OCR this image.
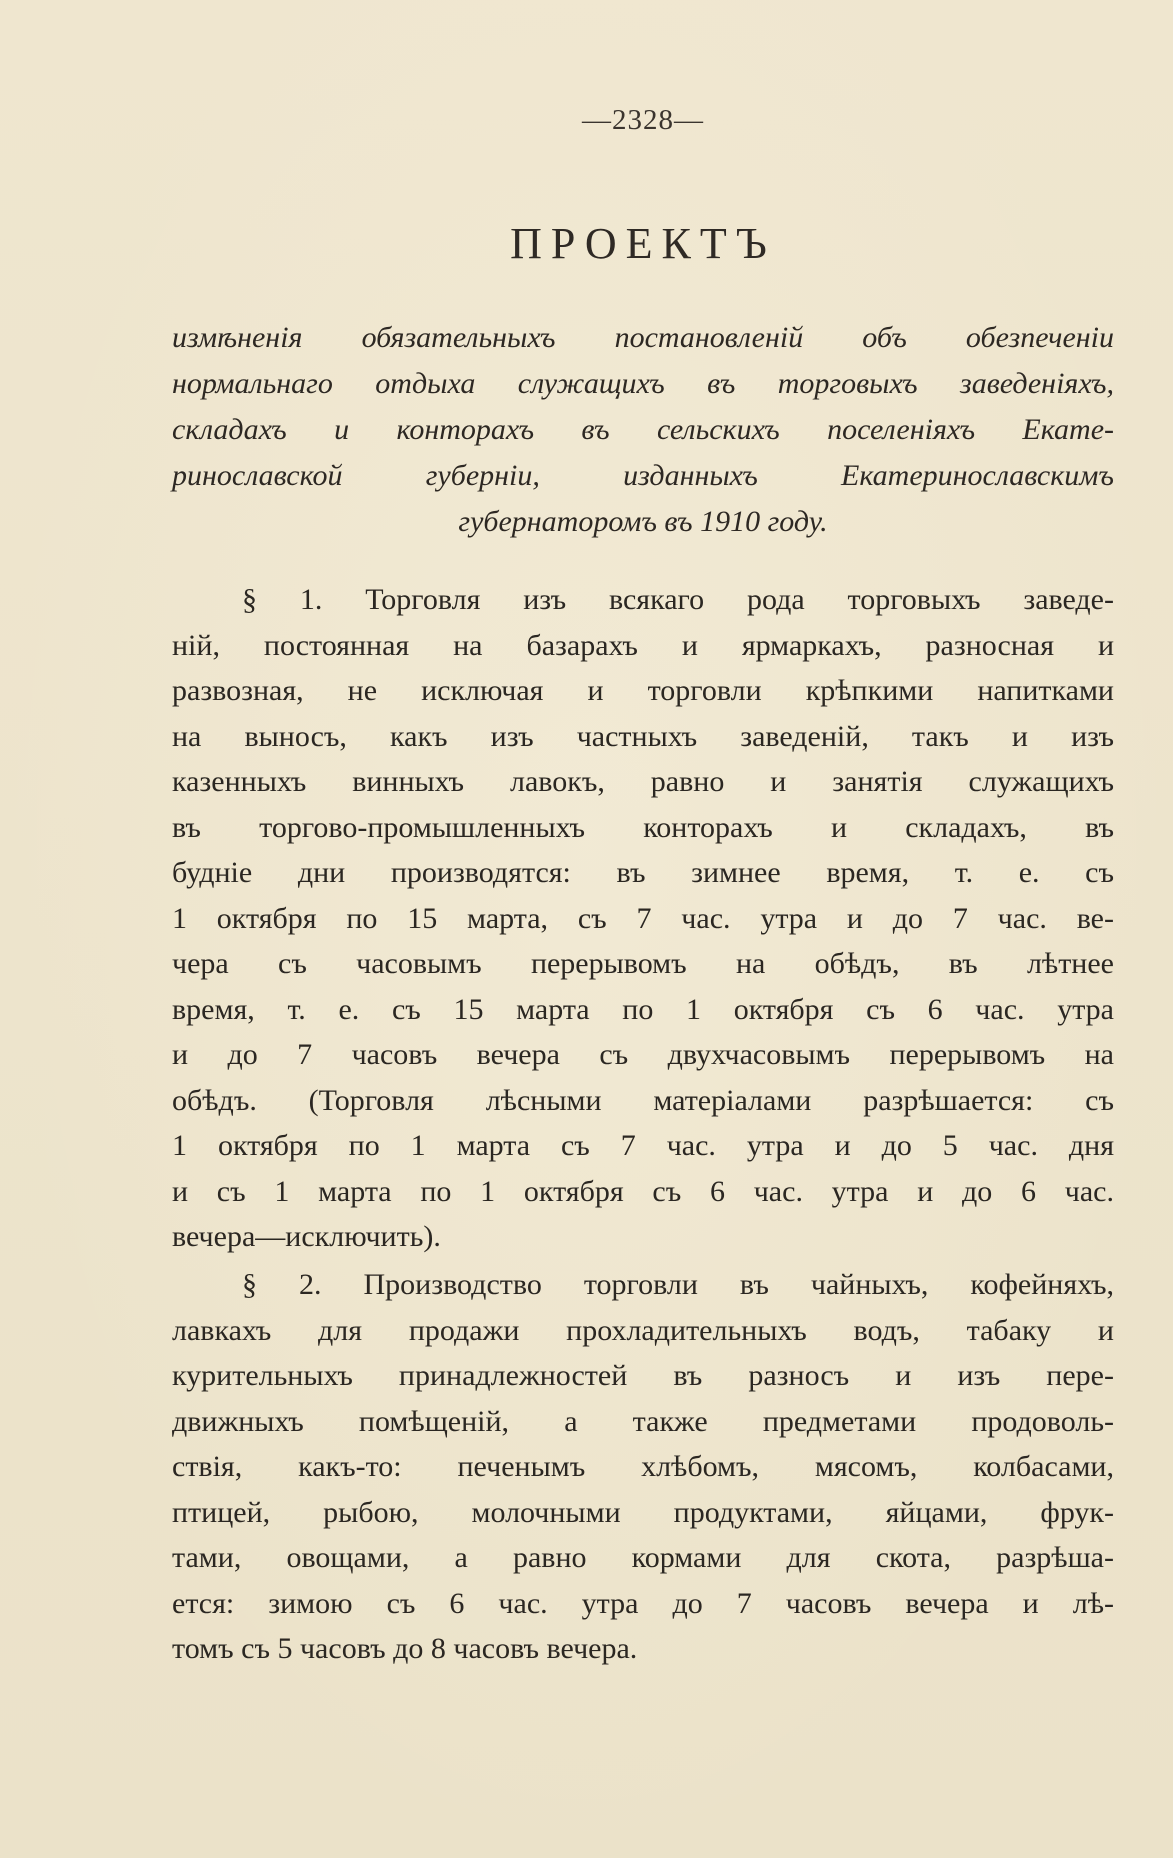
—2328—
ПРОЕКТЪ
измѣненія обязательныхъ постановленій объ обезпеченіи
нормальнаго отдыха служащихъ въ торговыхъ заведеніяхъ,
складахъ и конторахъ въ сельскихъ поселеніяхъ Екате-
ринославской губерніи, изданныхъ Екатеринославскимъ
губернаторомъ въ 1910 году.
§ 1. Торговля изъ всякаго рода торговыхъ заведе-
ній, постоянная на базарахъ и ярмаркахъ, разносная и
развозная, не исключая и торговли крѣпкими напитками
на выносъ, какъ изъ частныхъ заведеній, такъ и изъ
казенныхъ винныхъ лавокъ, равно и занятія служащихъ
въ торгово-промышленныхъ конторахъ и складахъ, въ
будніе дни производятся: въ зимнее время, т. е. съ
1 октября по 15 марта, съ 7 час. утра и до 7 час. ве-
чера съ часовымъ перерывомъ на обѣдъ, въ лѣтнее
время, т. е. съ 15 марта по 1 октября съ 6 час. утра
и до 7 часовъ вечера съ двухчасовымъ перерывомъ на
обѣдъ. (Торговля лѣсными матеріалами разрѣшается: съ
1 октября по 1 марта съ 7 час. утра и до 5 час. дня
и съ 1 марта по 1 октября съ 6 час. утра и до 6 час.
вечера—исключить).
§ 2. Производство торговли въ чайныхъ, кофейняхъ,
лавкахъ для продажи прохладительныхъ водъ, табаку и
курительныхъ принадлежностей въ разносъ и изъ пере-
движныхъ помѣщеній, а также предметами продоволь-
ствія, какъ-то: печенымъ хлѣбомъ, мясомъ, колбасами,
птицей, рыбою, молочными продуктами, яйцами, фрук-
тами, овощами, а равно кормами для скота, разрѣша-
ется: зимою съ 6 час. утра до 7 часовъ вечера и лѣ-
томъ съ 5 часовъ до 8 часовъ вечера.
